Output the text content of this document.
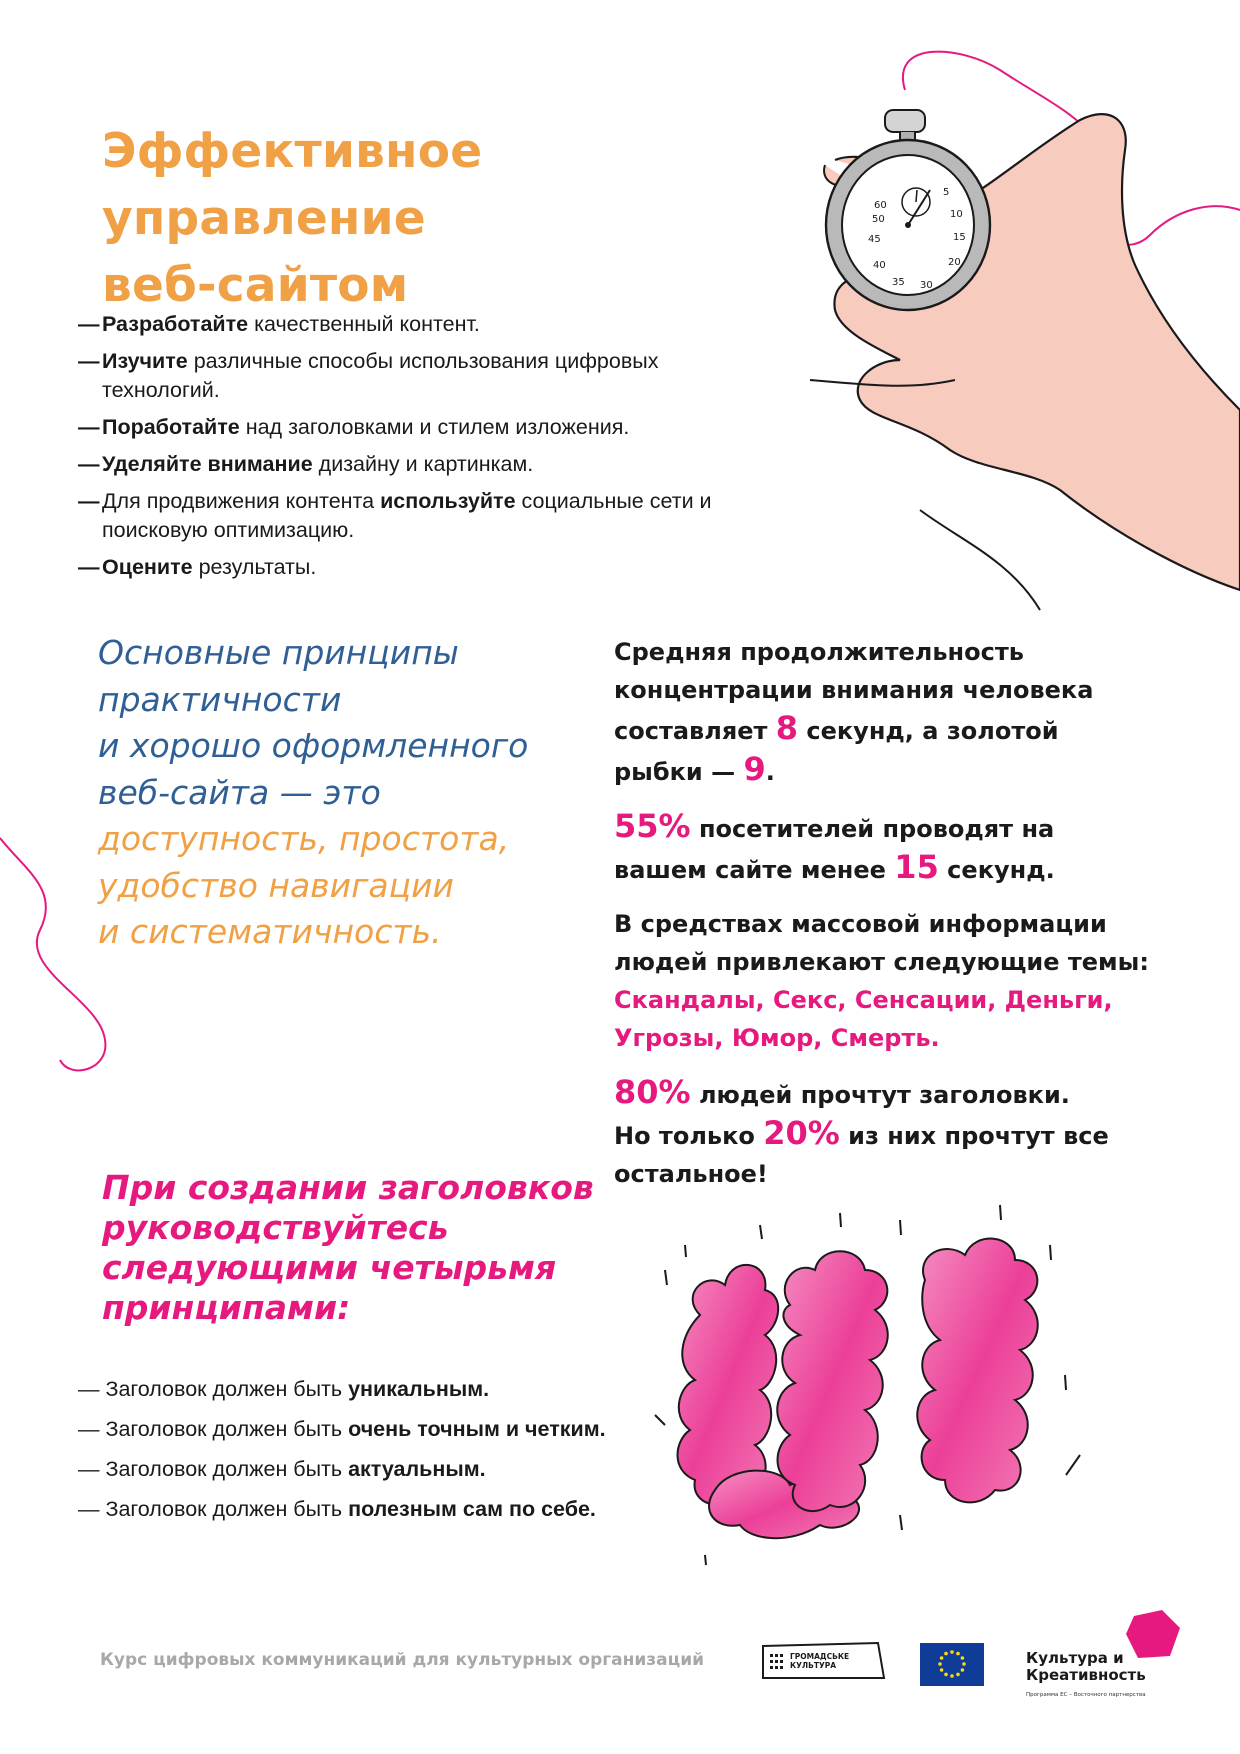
60
5
10
15
20
30
35
40
45
50
Эффективное управление
веб-сайтом
— Разработайте качественный контент.
— Изучите различные способы использования цифровых технологий.
— Поработайте над заголовками и стилем изложения.
— Уделяйте внимание дизайну и картинкам.
— Для продвижения контента используйте социальные сети и поисковую оптимизацию.
— Оцените результаты.
Основные принципы
практичности
и хорошо оформленного
веб-сайта — это
доступность, простота,
удобство навигации
и систематичность.
Средняя продолжительность концентрации внимания человека составляет 8 секунд, а золотой рыбки — 9.
55% посетителей проводят на вашем сайте менее 15 секунд.
В средствах массовой информации людей привлекают следующие темы:
Скандалы, Секс, Сенсации, Деньги, Угрозы, Юмор, Смерть.
80% людей прочтут заголовки.
Но только 20% из них прочтут все остальное!
При создании заголовков руководствуйтесь следующими четырьмя принципами:
— Заголовок должен быть уникальным.
— Заголовок должен быть очень точным и четким.
— Заголовок должен быть актуальным.
— Заголовок должен быть полезным сам по себе.
Курс цифровых коммуникаций для культурных организаций	ГРОМАДСЬКЕ
КУЛЬТУРА	Культура и
Креативность
Программа ЕС – Восточного партнерства
